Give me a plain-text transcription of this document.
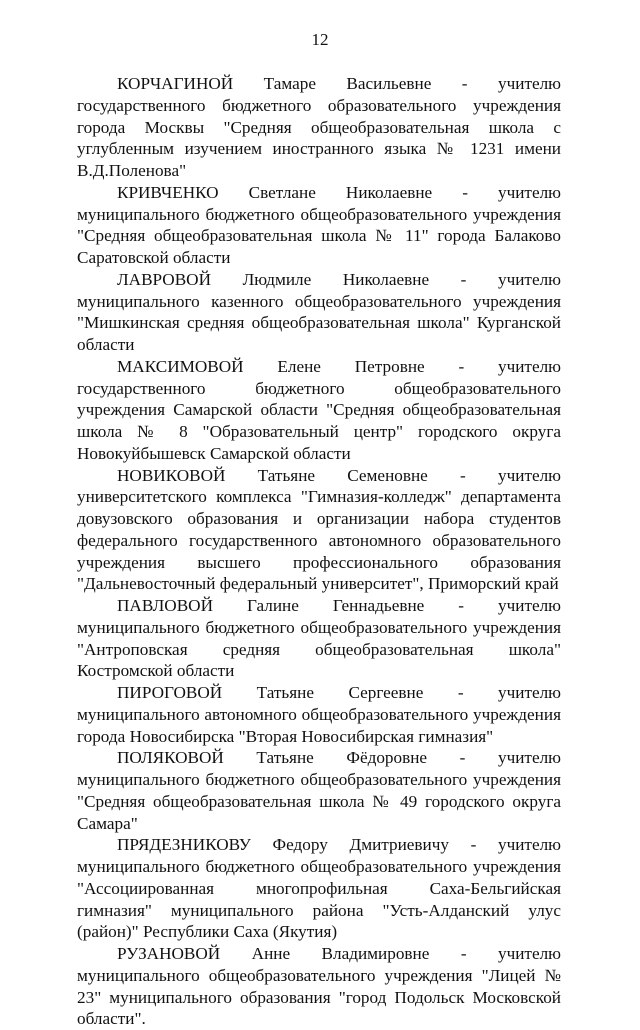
12

КОРЧАГИНОЙ Тамаре Васильевне - учителю государственного бюджетного образовательного учреждения города Москвы "Средняя общеобразовательная школа с углубленным изучением иностранного языка № 1231 имени В.Д.Поленова"

КРИВЧЕНКО Светлане Николаевне - учителю муниципального бюджетного общеобразовательного учреждения "Средняя общеобразовательная школа № 11" города Балаково Саратовской области

ЛАВРОВОЙ Людмиле Николаевне - учителю муниципального казенного общеобразовательного учреждения "Мишкинская средняя общеобразовательная школа" Курганской области

МАКСИМОВОЙ Елене Петровне - учителю государственного бюджетного общеобразовательного учреждения Самарской области "Средняя общеобразовательная школа № 8 "Образовательный центр" городского округа Новокуйбышевск Самарской области

НОВИКОВОЙ Татьяне Семеновне - учителю университетского комплекса "Гимназия-колледж" департамента довузовского образования и организации набора студентов федерального государственного автономного образовательного учреждения высшего профессионального образования "Дальневосточный федеральный университет", Приморский край

ПАВЛОВОЙ Галине Геннадьевне - учителю муниципального бюджетного общеобразовательного учреждения "Антроповская средняя общеобразовательная школа" Костромской области

ПИРОГОВОЙ Татьяне Сергеевне - учителю муниципального автономного общеобразовательного учреждения города Новосибирска "Вторая Новосибирская гимназия"

ПОЛЯКОВОЙ Татьяне Фёдоровне - учителю муниципального бюджетного общеобразовательного учреждения "Средняя общеобразовательная школа № 49 городского округа Самара"

ПРЯДЕЗНИКОВУ Федору Дмитриевичу - учителю муниципального бюджетного общеобразовательного учреждения "Ассоциированная многопрофильная Саха-Бельгийская гимназия" муниципального района "Усть-Алданский улус (район)" Республики Саха (Якутия)

РУЗАНОВОЙ Анне Владимировне - учителю муниципального общеобразовательного учреждения "Лицей № 23" муниципального образования "город Подольск Московской области".
